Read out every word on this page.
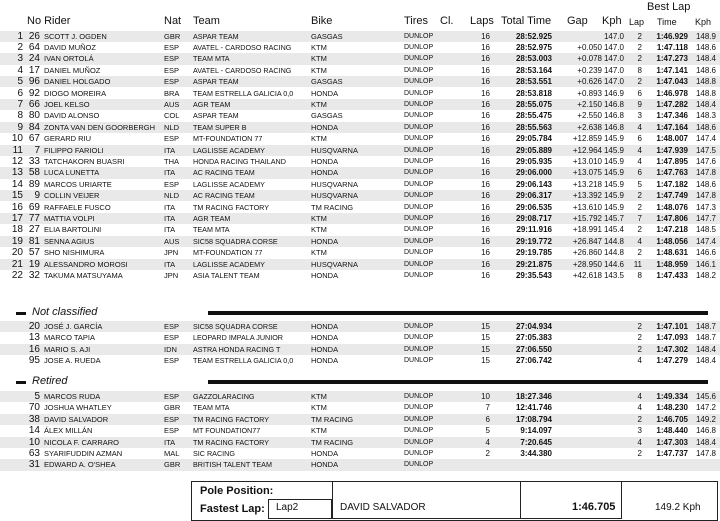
Best Lap
No Rider	Nat Team	Bike	Tires Cl. Laps Total Time Gap Kph Lap Time Kph
1 26 SCOTT J. OGDEN	GBR	ASPAR TEAM	GASGAS	DUNLOP	16	28:52.925	147.0	2	1:46.929 148.9
2 64 DAVID MUÑOZ	ESP	AVATEL - CARDOSO RACING	KTM	DUNLOP	16	28:52.975	+0.050 147.0	2	1:47.118 148.6
3 24 IVAN ORTOLÁ	ESP	TEAM MTA	KTM	DUNLOP	16	28:53.003	+0.078 147.0	2	1:47.273 148.4
4 17 DANIEL MUÑOZ	ESP	AVATEL - CARDOSO RACING	KTM	DUNLOP	16	28:53.164	+0.239 147.0	8	1:47.141 148.6
5 96 DANIEL HOLGADO	ESP	ASPAR TEAM	GASGAS	DUNLOP	16	28:53.551	+0.626 147.0	2	1:47.043 148.8
6 92 DIOGO MOREIRA	BRA	TEAM ESTRELLA GALICIA 0,0	HONDA	DUNLOP	16	28:53.818	+0.893 146.9	6	1:46.978 148.8
7 66 JOEL KELSO	AUS	AGR TEAM	KTM	DUNLOP	16	28:55.075	+2.150 146.8	9	1:47.282 148.4
8 80 DAVID ALONSO	COL	ASPAR TEAM	GASGAS	DUNLOP	16	28:55.475	+2.550 146.8	3	1:47.346 148.3
9 84 ZONTA VAN DEN GOORBERGH	NLD	TEAM SUPER B	HONDA	DUNLOP	16	28:55.563	+2.638 146.8	4	1:47.164 148.6
10 67 GERARD RIU	ESP	MT-FOUNDATION 77	KTM	DUNLOP	16	29:05.784	+12.859 145.9	6	1:48.007 147.4
11	7 FILIPPO FARIOLI	ITA	LAGLISSE ACADEMY	HUSQVARNA	DUNLOP	16	29:05.889	+12.964 145.9	4	1:47.939 147.5
12 33 TATCHAKORN BUASRI	THA	HONDA RACING THAILAND	HONDA	DUNLOP	16	29:05.935	+13.010 145.9	4	1:47.895 147.6
13 58 LUCA LUNETTA	ITA	AC RACING TEAM	HONDA	DUNLOP	16	29:06.000	+13.075 145.9	6	1:47.763 147.8
14 89 MARCOS URIARTE	ESP	LAGLISSE ACADEMY	HUSQVARNA	DUNLOP	16	29:06.143	+13.218 145.9	5	1:47.182 148.6
15	9 COLLIN VEIJER	NLD	AC RACING TEAM	HUSQVARNA	DUNLOP	16	29:06.317	+13.392 145.9	2	1:47.749 147.8
16 69 RAFFAELE FUSCO	ITA	TM RACING FACTORY	TM RACING	DUNLOP	16	29:06.535	+13.610 145.9	2	1:48.076 147.3
17 77 MATTIA VOLPI	ITA	AGR TEAM	KTM	DUNLOP	16	29:08.717	+15.792 145.7	7	1:47.806 147.7
18 27 ELIA BARTOLINI	ITA	TEAM MTA	KTM	DUNLOP	16	29:11.916	+18.991 145.4	2	1:47.218 148.5
19 81 SENNA AGIUS	AUS	SIC58 SQUADRA CORSE	HONDA	DUNLOP	16	29:19.772	+26.847 144.8	4	1:48.056 147.4
20 57 SHO NISHIMURA	JPN	MT-FOUNDATION 77	KTM	DUNLOP	16	29:19.785	+26.860 144.8	2	1:48.631 146.6
21 19 ALESSANDRO MOROSI	ITA	LAGLISSE ACADEMY	HUSQVARNA	DUNLOP	16	29:21.875	+28.950 144.6	11	1:48.959 146.1
22 32 TAKUMA MATSUYAMA	JPN	ASIA TALENT TEAM	HONDA	DUNLOP	16	29:35.543	+42.618 143.5	8	1:47.433 148.2
Not classified
20 JOSÉ J. GARCÍA	ESP	SIC58 SQUADRA CORSE	HONDA	DUNLOP	15	27:04.934	2	1:47.101 148.7
13 MARCO TAPIA	ESP	LEOPARD IMPALA JUNIOR	HONDA	DUNLOP	15	27:05.383	2	1:47.093 148.7
16 MARIO S. AJI	IDN	ASTRA HONDA RACING T	HONDA	DUNLOP	15	27:06.550	2	1:47.302 148.4
95 JOSE A. RUEDA	ESP	TEAM ESTRELLA GALICIA 0,0	HONDA	DUNLOP	15	27:06.742	4	1:47.279 148.4
Retired
5 MARCOS RUDA	ESP	GAZZOLARACING	KTM	DUNLOP	10	18:27.346	4	1:49.334 145.6
70 JOSHUA WHATLEY	GBR	TEAM MTA	KTM	DUNLOP	7	12:41.746	4	1:48.230 147.2
38 DAVID SALVADOR	ESP	TM RACING FACTORY	TM RACING	DUNLOP	6	17:08.794	2	1:46.705 149.2
14 ÁLEX MILLÁN	ESP	MT FOUNDATION77	KTM	DUNLOP	5	9:14.097	3	1:48.440 146.8
10 NICOLA F. CARRARO	ITA	TM RACING FACTORY	TM RACING	DUNLOP	4	7:20.645	4	1:47.303 148.4
63 SYARIFUDDIN AZMAN	MAL	SIC RACING	HONDA	DUNLOP	2	3:44.380	2	1:47.737 147.8
31 EDWARD A. O'SHEA	GBR	BRITISH TALENT TEAM	HONDA	DUNLOP
Pole Position:
Fastest Lap: Lap2	DAVID SALVADOR	1:46.705	149.2 Kph
